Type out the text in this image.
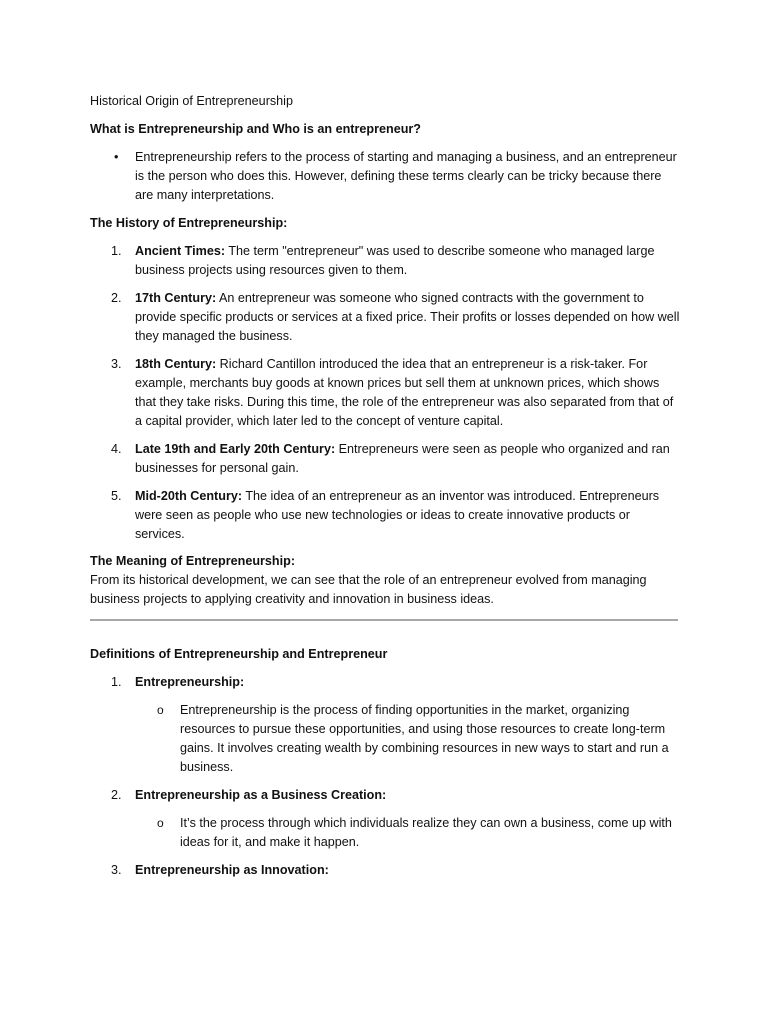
Historical Origin of Entrepreneurship

What is Entrepreneurship and Who is an entrepreneur?

• Entrepreneurship refers to the process of starting and managing a business, and an entrepreneur is the person who does this. However, defining these terms clearly can be tricky because there are many interpretations.

The History of Entrepreneurship:

1. Ancient Times: The term "entrepreneur" was used to describe someone who managed large business projects using resources given to them.
2. 17th Century: An entrepreneur was someone who signed contracts with the government to provide specific products or services at a fixed price. Their profits or losses depended on how well they managed the business.
3. 18th Century: Richard Cantillon introduced the idea that an entrepreneur is a risk-taker. For example, merchants buy goods at known prices but sell them at unknown prices, which shows that they take risks. During this time, the role of the entrepreneur was also separated from that of a capital provider, which later led to the concept of venture capital.
4. Late 19th and Early 20th Century: Entrepreneurs were seen as people who organized and ran businesses for personal gain.
5. Mid-20th Century: The idea of an entrepreneur as an inventor was introduced. Entrepreneurs were seen as people who use new technologies or ideas to create innovative products or services.

The Meaning of Entrepreneurship:

From its historical development, we can see that the role of an entrepreneur evolved from managing business projects to applying creativity and innovation in business ideas.

Definitions of Entrepreneurship and Entrepreneur

1. Entrepreneurship:
o Entrepreneurship is the process of finding opportunities in the market, organizing resources to pursue these opportunities, and using those resources to create long-term gains. It involves creating wealth by combining resources in new ways to start and run a business.
2. Entrepreneurship as a Business Creation:
o It’s the process through which individuals realize they can own a business, come up with ideas for it, and make it happen.
3. Entrepreneurship as Innovation:
